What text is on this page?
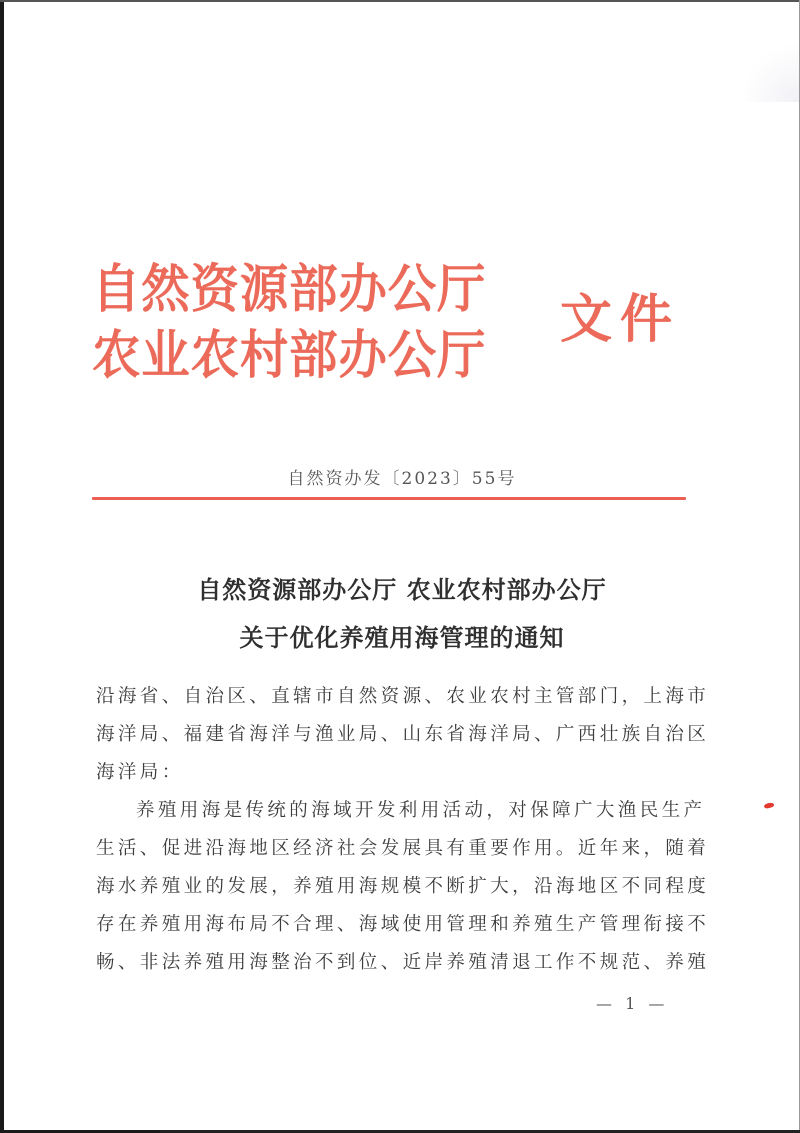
自然资源部办公厅
农业农村部办公厅
文件
自然资办发〔2023〕55号
自然资源部办公厅 农业农村部办公厅
关于优化养殖用海管理的通知
沿海省、自治区、直辖市自然资源、农业农村主管部门，上海市
海洋局、福建省海洋与渔业局、山东省海洋局、广西壮族自治区
海洋局：
养殖用海是传统的海域开发利用活动，对保障广大渔民生产
生活、促进沿海地区经济社会发展具有重要作用。近年来，随着
海水养殖业的发展，养殖用海规模不断扩大，沿海地区不同程度
存在养殖用海布局不合理、海域使用管理和养殖生产管理衔接不
畅、非法养殖用海整治不到位、近岸养殖清退工作不规范、养殖
— 1 —
